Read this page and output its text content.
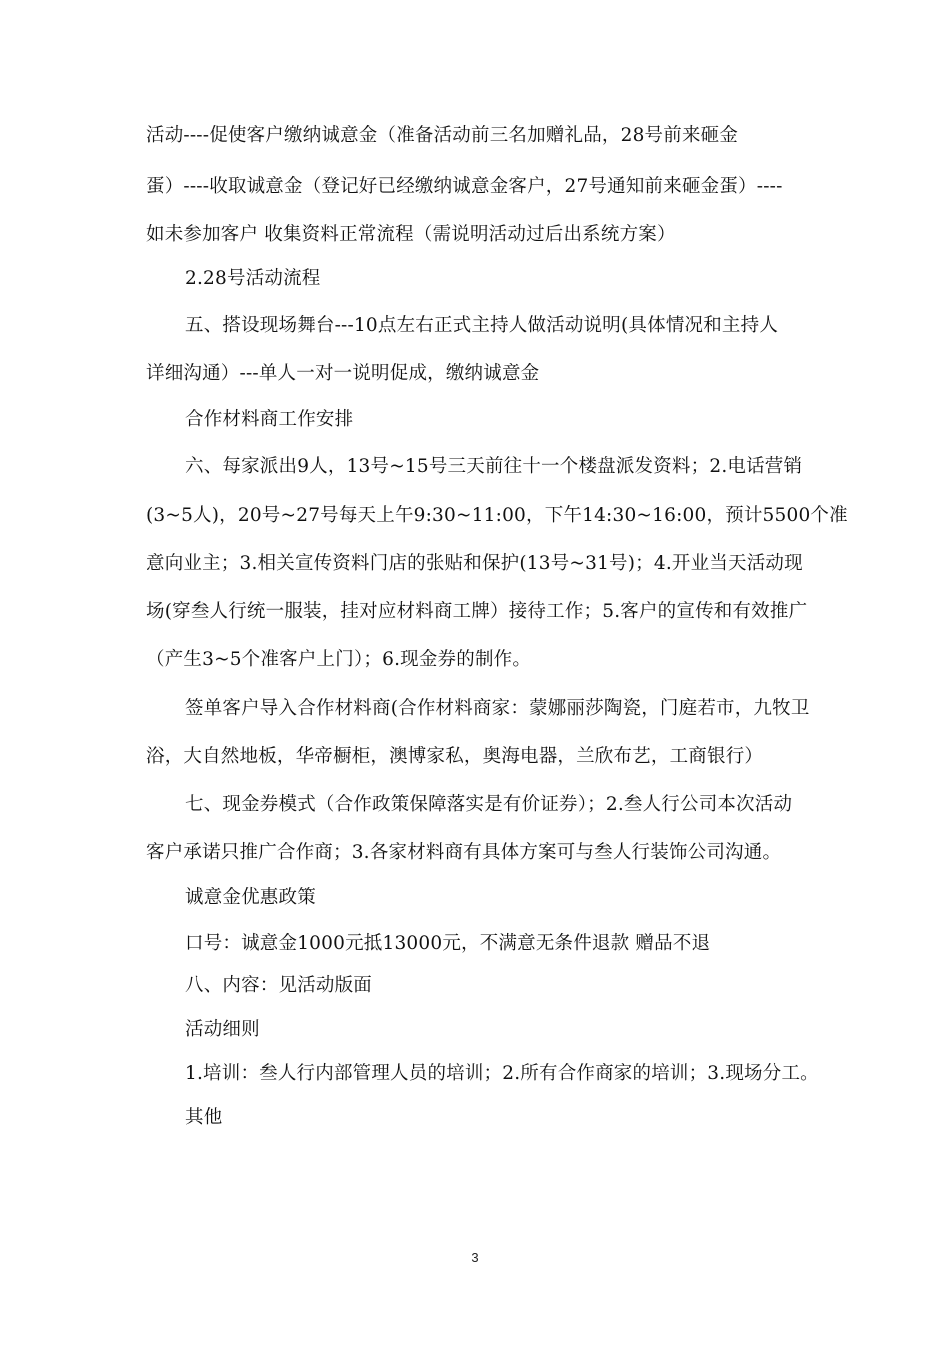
活动----促使客户缴纳诚意金（准备活动前三名加赠礼品，28号前来砸金
蛋）----收取诚意金（登记好已经缴纳诚意金客户，27号通知前来砸金蛋）----
如未参加客户 收集资料正常流程（需说明活动过后出系统方案）
2.28号活动流程
五、搭设现场舞台---10点左右正式主持人做活动说明(具体情况和主持人
详细沟通）---单人一对一说明促成，缴纳诚意金
合作材料商工作安排
六、每家派出9人，13号~15号三天前往十一个楼盘派发资料；2.电话营销
(3~5人)，20号~27号每天上午9:30~11:00，下午14:30~16:00，预计5500个准
意向业主；3.相关宣传资料门店的张贴和保护(13号~31号)；4.开业当天活动现
场(穿叁人行统一服装，挂对应材料商工牌）接待工作；5.客户的宣传和有效推广
（产生3~5个准客户上门）；6.现金券的制作。
签单客户导入合作材料商(合作材料商家：蒙娜丽莎陶瓷，门庭若市，九牧卫
浴，大自然地板，华帝橱柜，澳博家私，奥海电器，兰欣布艺，工商银行）
七、现金券模式（合作政策保障落实是有价证券）；2.叁人行公司本次活动
客户承诺只推广合作商；3.各家材料商有具体方案可与叁人行装饰公司沟通。
诚意金优惠政策
口号：诚意金1000元抵13000元，不满意无条件退款 赠品不退
八、内容：见活动版面
活动细则
1.培训：叁人行内部管理人员的培训；2.所有合作商家的培训；3.现场分工。
其他
3
